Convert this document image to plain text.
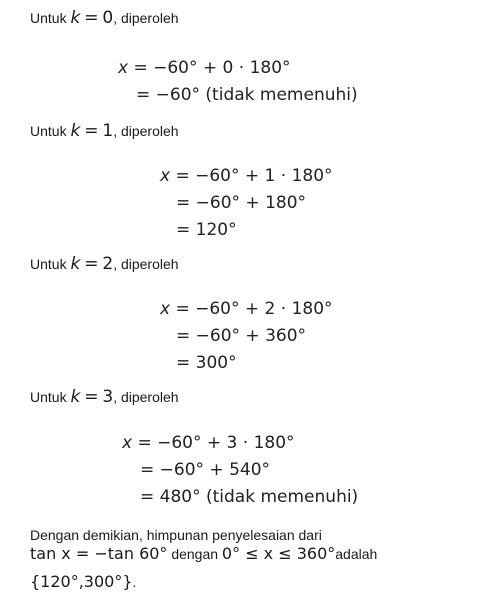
Untuk k = 0, diperoleh
x = −60° + 0 · 180°
= −60° (tidak memenuhi)
Untuk k = 1, diperoleh
x = −60° + 1 · 180°
= −60° + 180°
= 120°
Untuk k = 2, diperoleh
x = −60° + 2 · 180°
= −60° + 360°
= 300°
Untuk k = 3, diperoleh
x = −60° + 3 · 180°
= −60° + 540°
= 480° (tidak memenuhi)
Dengan demikian, himpunan penyelesaian dari
tan x = −tan 60° dengan 0° ≤ x ≤ 360°adalah
{120°,300°}.
